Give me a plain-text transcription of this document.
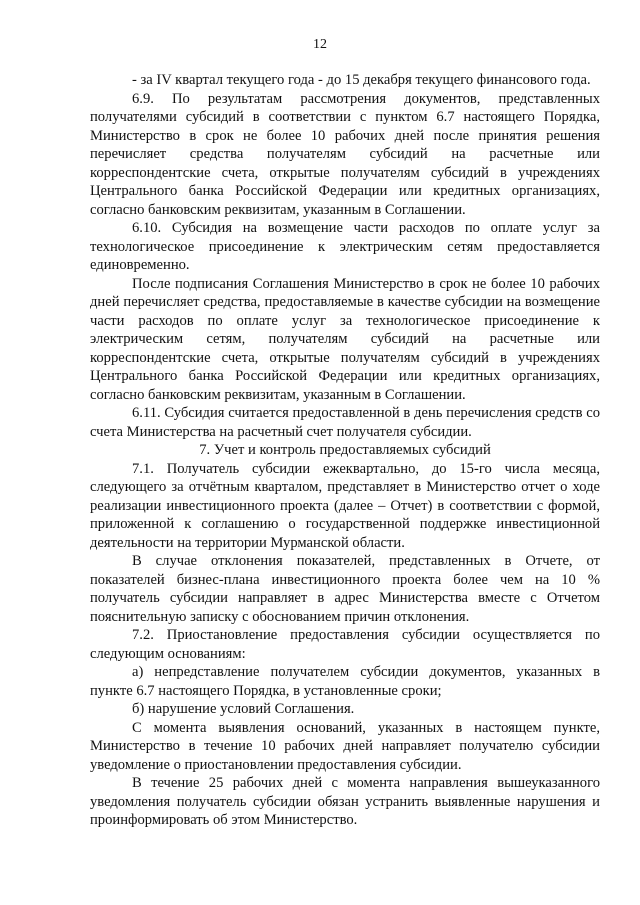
12

- за IV квартал текущего года - до 15 декабря текущего финансового года.

6.9. По результатам рассмотрения документов, представленных получателями субсидий в соответствии с пунктом 6.7 настоящего Порядка, Министерство в срок не более 10 рабочих дней после принятия решения перечисляет средства получателям субсидий на расчетные или корреспондентские счета, открытые получателям субсидий в учреждениях Центрального банка Российской Федерации или кредитных организациях, согласно банковским реквизитам, указанным в Соглашении.

6.10. Субсидия на возмещение части расходов по оплате услуг за технологическое присоединение к электрическим сетям предоставляется единовременно.

После подписания Соглашения Министерство в срок не более 10 рабочих дней перечисляет средства, предоставляемые в качестве субсидии на возмещение части расходов по оплате услуг за технологическое присоединение к электрическим сетям, получателям субсидий на расчетные или корреспондентские счета, открытые получателям субсидий в учреждениях Центрального банка Российской Федерации или кредитных организациях, согласно банковским реквизитам, указанным в Соглашении.

6.11. Субсидия считается предоставленной в день перечисления средств со счета Министерства на расчетный счет получателя субсидии.

7. Учет и контроль предоставляемых субсидий

7.1. Получатель субсидии ежеквартально, до 15-го числа месяца, следующего за отчётным кварталом, представляет в Министерство отчет о ходе реализации инвестиционного проекта (далее – Отчет) в соответствии с формой, приложенной к соглашению о государственной поддержке инвестиционной деятельности на территории Мурманской области.

В случае отклонения показателей, представленных в Отчете, от показателей бизнес-плана инвестиционного проекта более чем на 10 % получатель субсидии направляет в адрес Министерства вместе с Отчетом пояснительную записку с обоснованием причин отклонения.

7.2. Приостановление предоставления субсидии осуществляется по следующим основаниям:

а) непредставление получателем субсидии документов, указанных в пункте 6.7 настоящего Порядка, в установленные сроки;

б) нарушение условий Соглашения.

С момента выявления оснований, указанных в настоящем пункте, Министерство в течение 10 рабочих дней направляет получателю субсидии уведомление о приостановлении предоставления субсидии.

В течение 25 рабочих дней с момента направления вышеуказанного уведомления получатель субсидии обязан устранить выявленные нарушения и проинформировать об этом Министерство.
